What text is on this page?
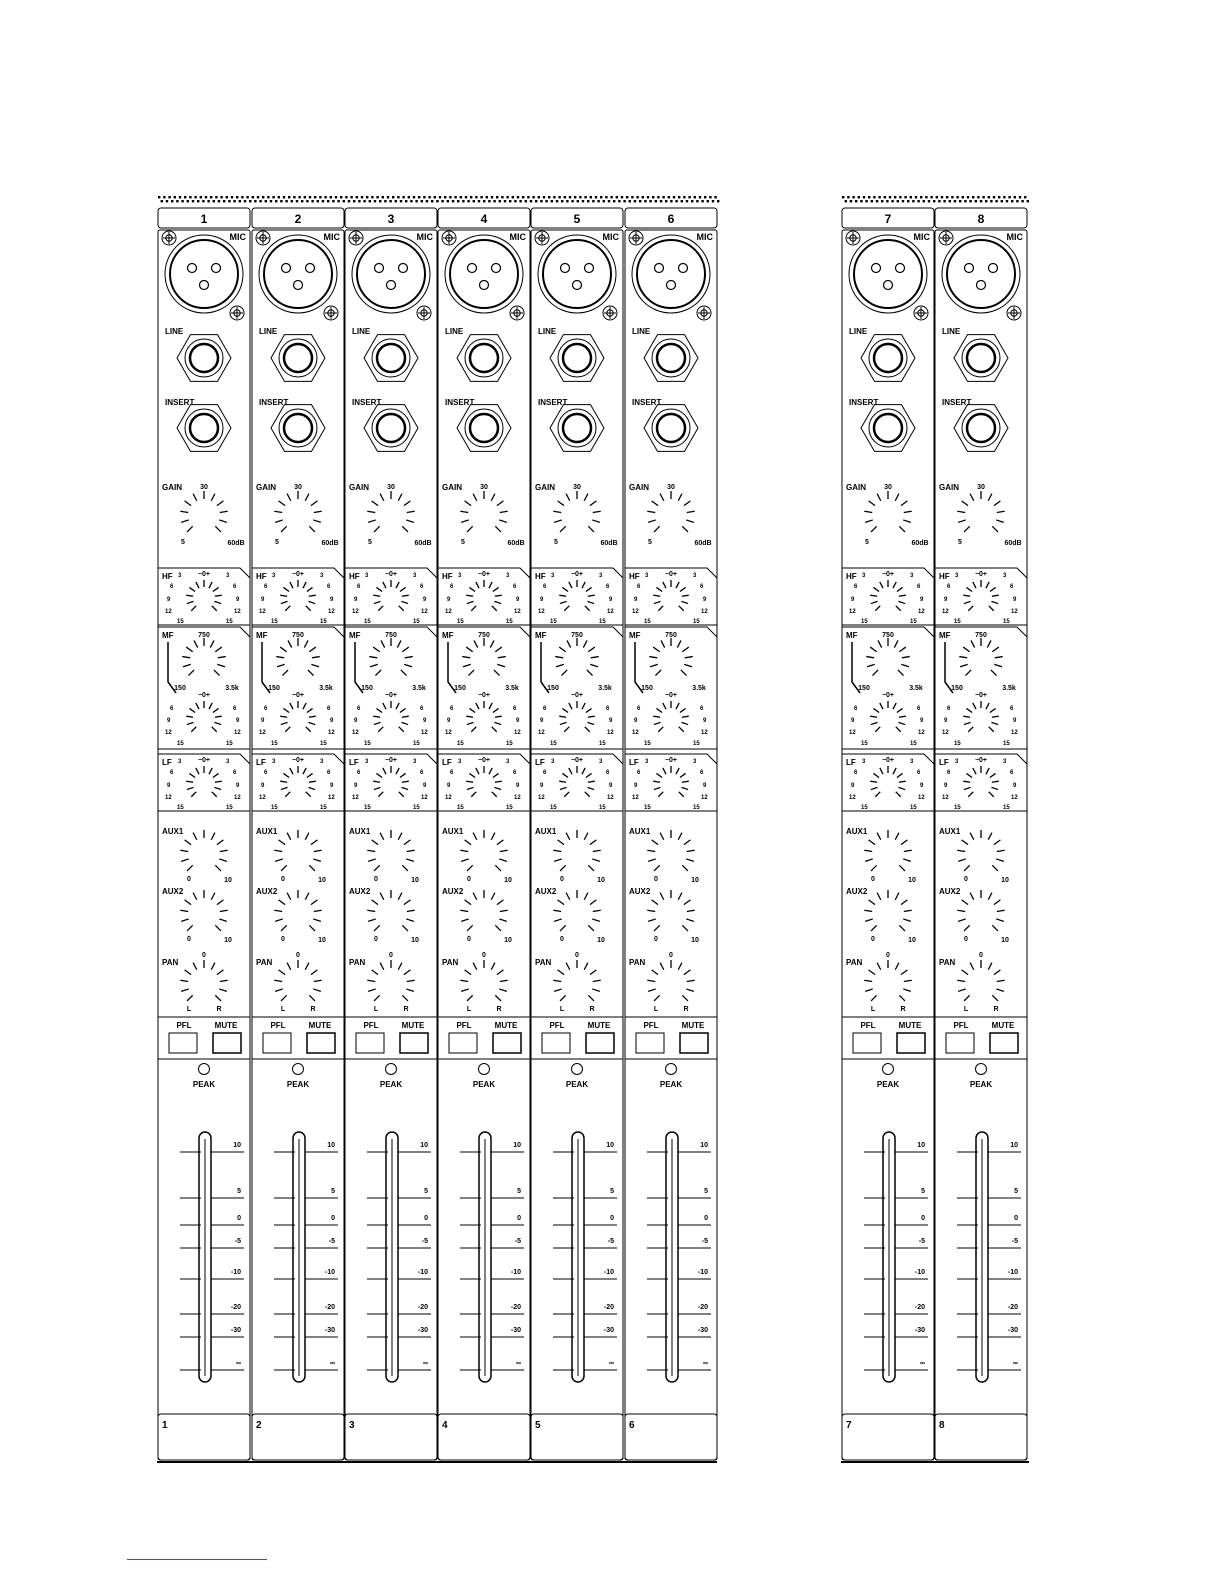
1
MIC
LINE
INSERT
GAIN	30
5	60dB
HF	−0+
3	3
6	6
9	9
12	12
15	15
MF	750
150	3.5k
−0+
6	6
9	9
12	12
15	15
LF	−0+
3	3
6	6
9	9
12	12
15	15
AUX1
0	10
AUX2
0	10
PAN
0
L	R
PFL	MUTE
PEAK
10
5
0
-5
-10
-20
-30
∞
1
2
MIC
LINE
INSERT
GAIN	30
5	60dB
HF	−0+
3	3
6	6
9	9
12	12
15	15
MF	750
150	3.5k
−0+
6	6
9	9
12	12
15	15
LF	−0+
3	3
6	6
9	9
12	12
15	15
AUX1
0	10
AUX2
0	10
PAN
0
L	R
PFL	MUTE
PEAK
10
5
0
-5
-10
-20
-30
∞
2
3
MIC
LINE
INSERT
GAIN	30
5	60dB
HF	−0+
3	3
6	6
9	9
12	12
15	15
MF	750
150	3.5k
−0+
6	6
9	9
12	12
15	15
LF	−0+
3	3
6	6
9	9
12	12
15	15
AUX1
0	10
AUX2
0	10
PAN
0
L	R
PFL	MUTE
PEAK
10
5
0
-5
-10
-20
-30
∞
3
4
MIC
LINE
INSERT
GAIN	30
5	60dB
HF	−0+
3	3
6	6
9	9
12	12
15	15
MF	750
150	3.5k
−0+
6	6
9	9
12	12
15	15
LF	−0+
3	3
6	6
9	9
12	12
15	15
AUX1
0	10
AUX2
0	10
PAN
0
L	R
PFL	MUTE
PEAK
10
5
0
-5
-10
-20
-30
∞
4
5
MIC
LINE
INSERT
GAIN	30
5	60dB
HF	−0+
3	3
6	6
9	9
12	12
15	15
MF	750
150	3.5k
−0+
6	6
9	9
12	12
15	15
LF	−0+
3	3
6	6
9	9
12	12
15	15
AUX1
0	10
AUX2
0	10
PAN
0
L	R
PFL	MUTE
PEAK
10
5
0
-5
-10
-20
-30
∞
5
6
MIC
LINE
INSERT
GAIN	30
5	60dB
HF	−0+
3	3
6	6
9	9
12	12
15	15
MF	750
150	3.5k
−0+
6	6
9	9
12	12
15	15
LF	−0+
3	3
6	6
9	9
12	12
15	15
AUX1
0	10
AUX2
0	10
PAN
0
L	R
PFL	MUTE
PEAK
10
5
0
-5
-10
-20
-30
∞
6
7
MIC
LINE
INSERT
GAIN	30
5	60dB
HF	−0+
3	3
6	6
9	9
12	12
15	15
MF	750
150	3.5k
−0+
6	6
9	9
12	12
15	15
LF	−0+
3	3
6	6
9	9
12	12
15	15
AUX1
0	10
AUX2
0	10
PAN
0
L	R
PFL	MUTE
PEAK
10
5
0
-5
-10
-20
-30
∞
7
8
MIC
LINE
INSERT
GAIN	30
5	60dB
HF	−0+
3	3
6	6
9	9
12	12
15	15
MF	750
150	3.5k
−0+
6	6
9	9
12	12
15	15
LF	−0+
3	3
6	6
9	9
12	12
15	15
AUX1
0	10
AUX2
0	10
PAN
0
L	R
PFL	MUTE
PEAK
10
5
0
-5
-10
-20
-30
∞
8
